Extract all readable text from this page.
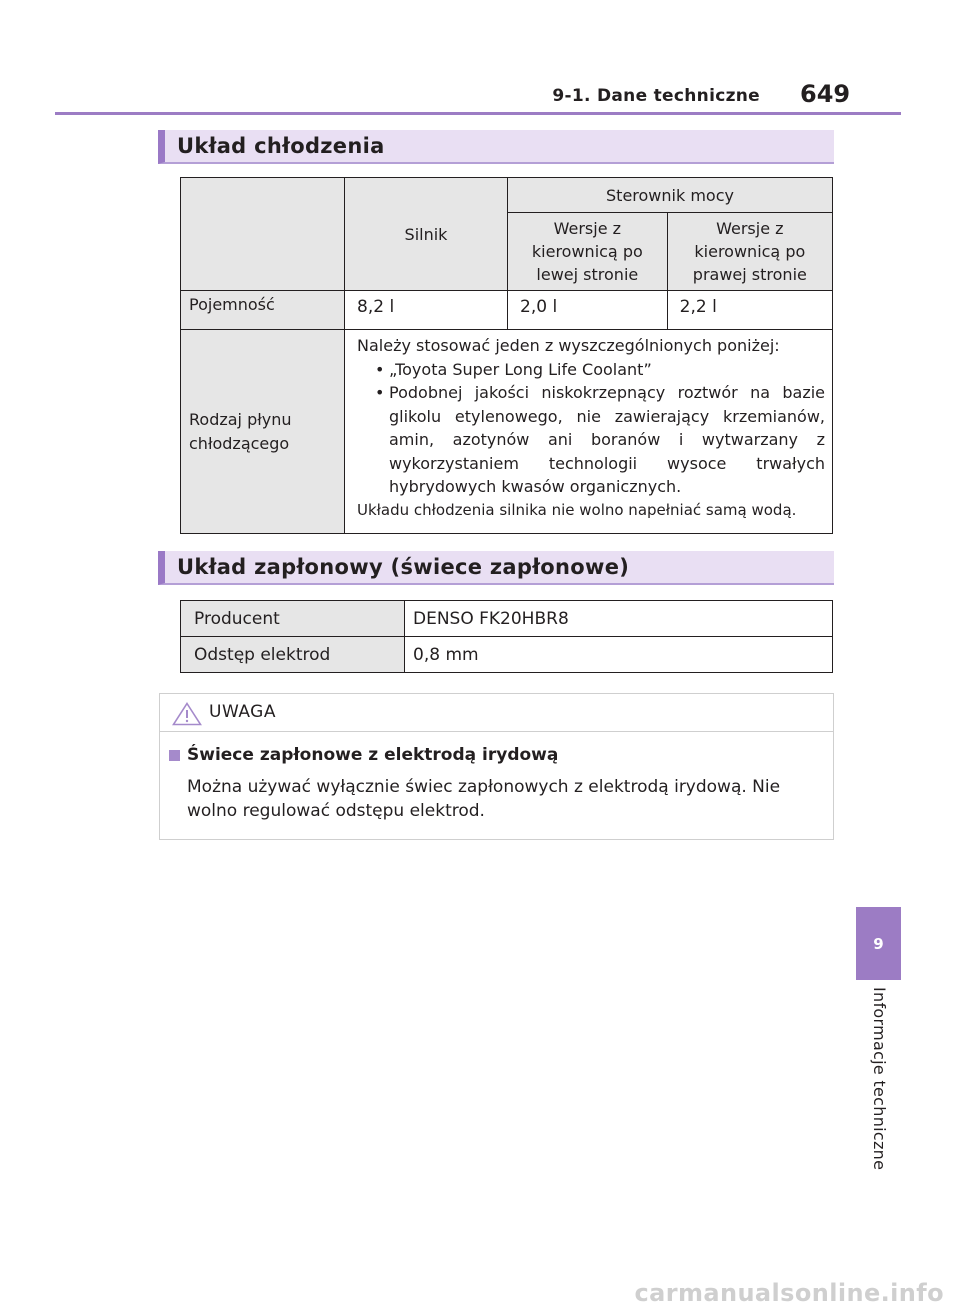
9-1. Dane techniczne 649
Układ chłodzenia
	Silnik	Sterownik mocy	

		Wersje z kierownicą po lewej stronie	Wersje z kierownicą po prawej stronie

Pojemność	8,2 l	2,0 l	2,2 l

Rodzaj płynu chłodzącego	Należy stosować jeden z wyszczególnionych poniżej:
• „Toyota Super Long Life Coolant”
• Podobnej jakości niskokrzepnący roztwór na bazie glikolu etylenowego, nie zawierający krzemianów, amin, azotynów ani boranów i wytwarzany z wykorzystaniem technologii wysoce trwałych hybrydowych kwasów organicznych.
Układu chłodzenia silnika nie wolno napełniać samą wodą.
Układ zapłonowy (świece zapłonowe)
Producent	DENSO FK20HBR8
Odstęp elektrod	0,8 mm
UWAGA
Świece zapłonowe z elektrodą irydową
Można używać wyłącznie świec zapłonowych z elektrodą irydową. Nie wolno regulować odstępu elektrod.
9
Informacje techniczne
carmanualsonline.info
